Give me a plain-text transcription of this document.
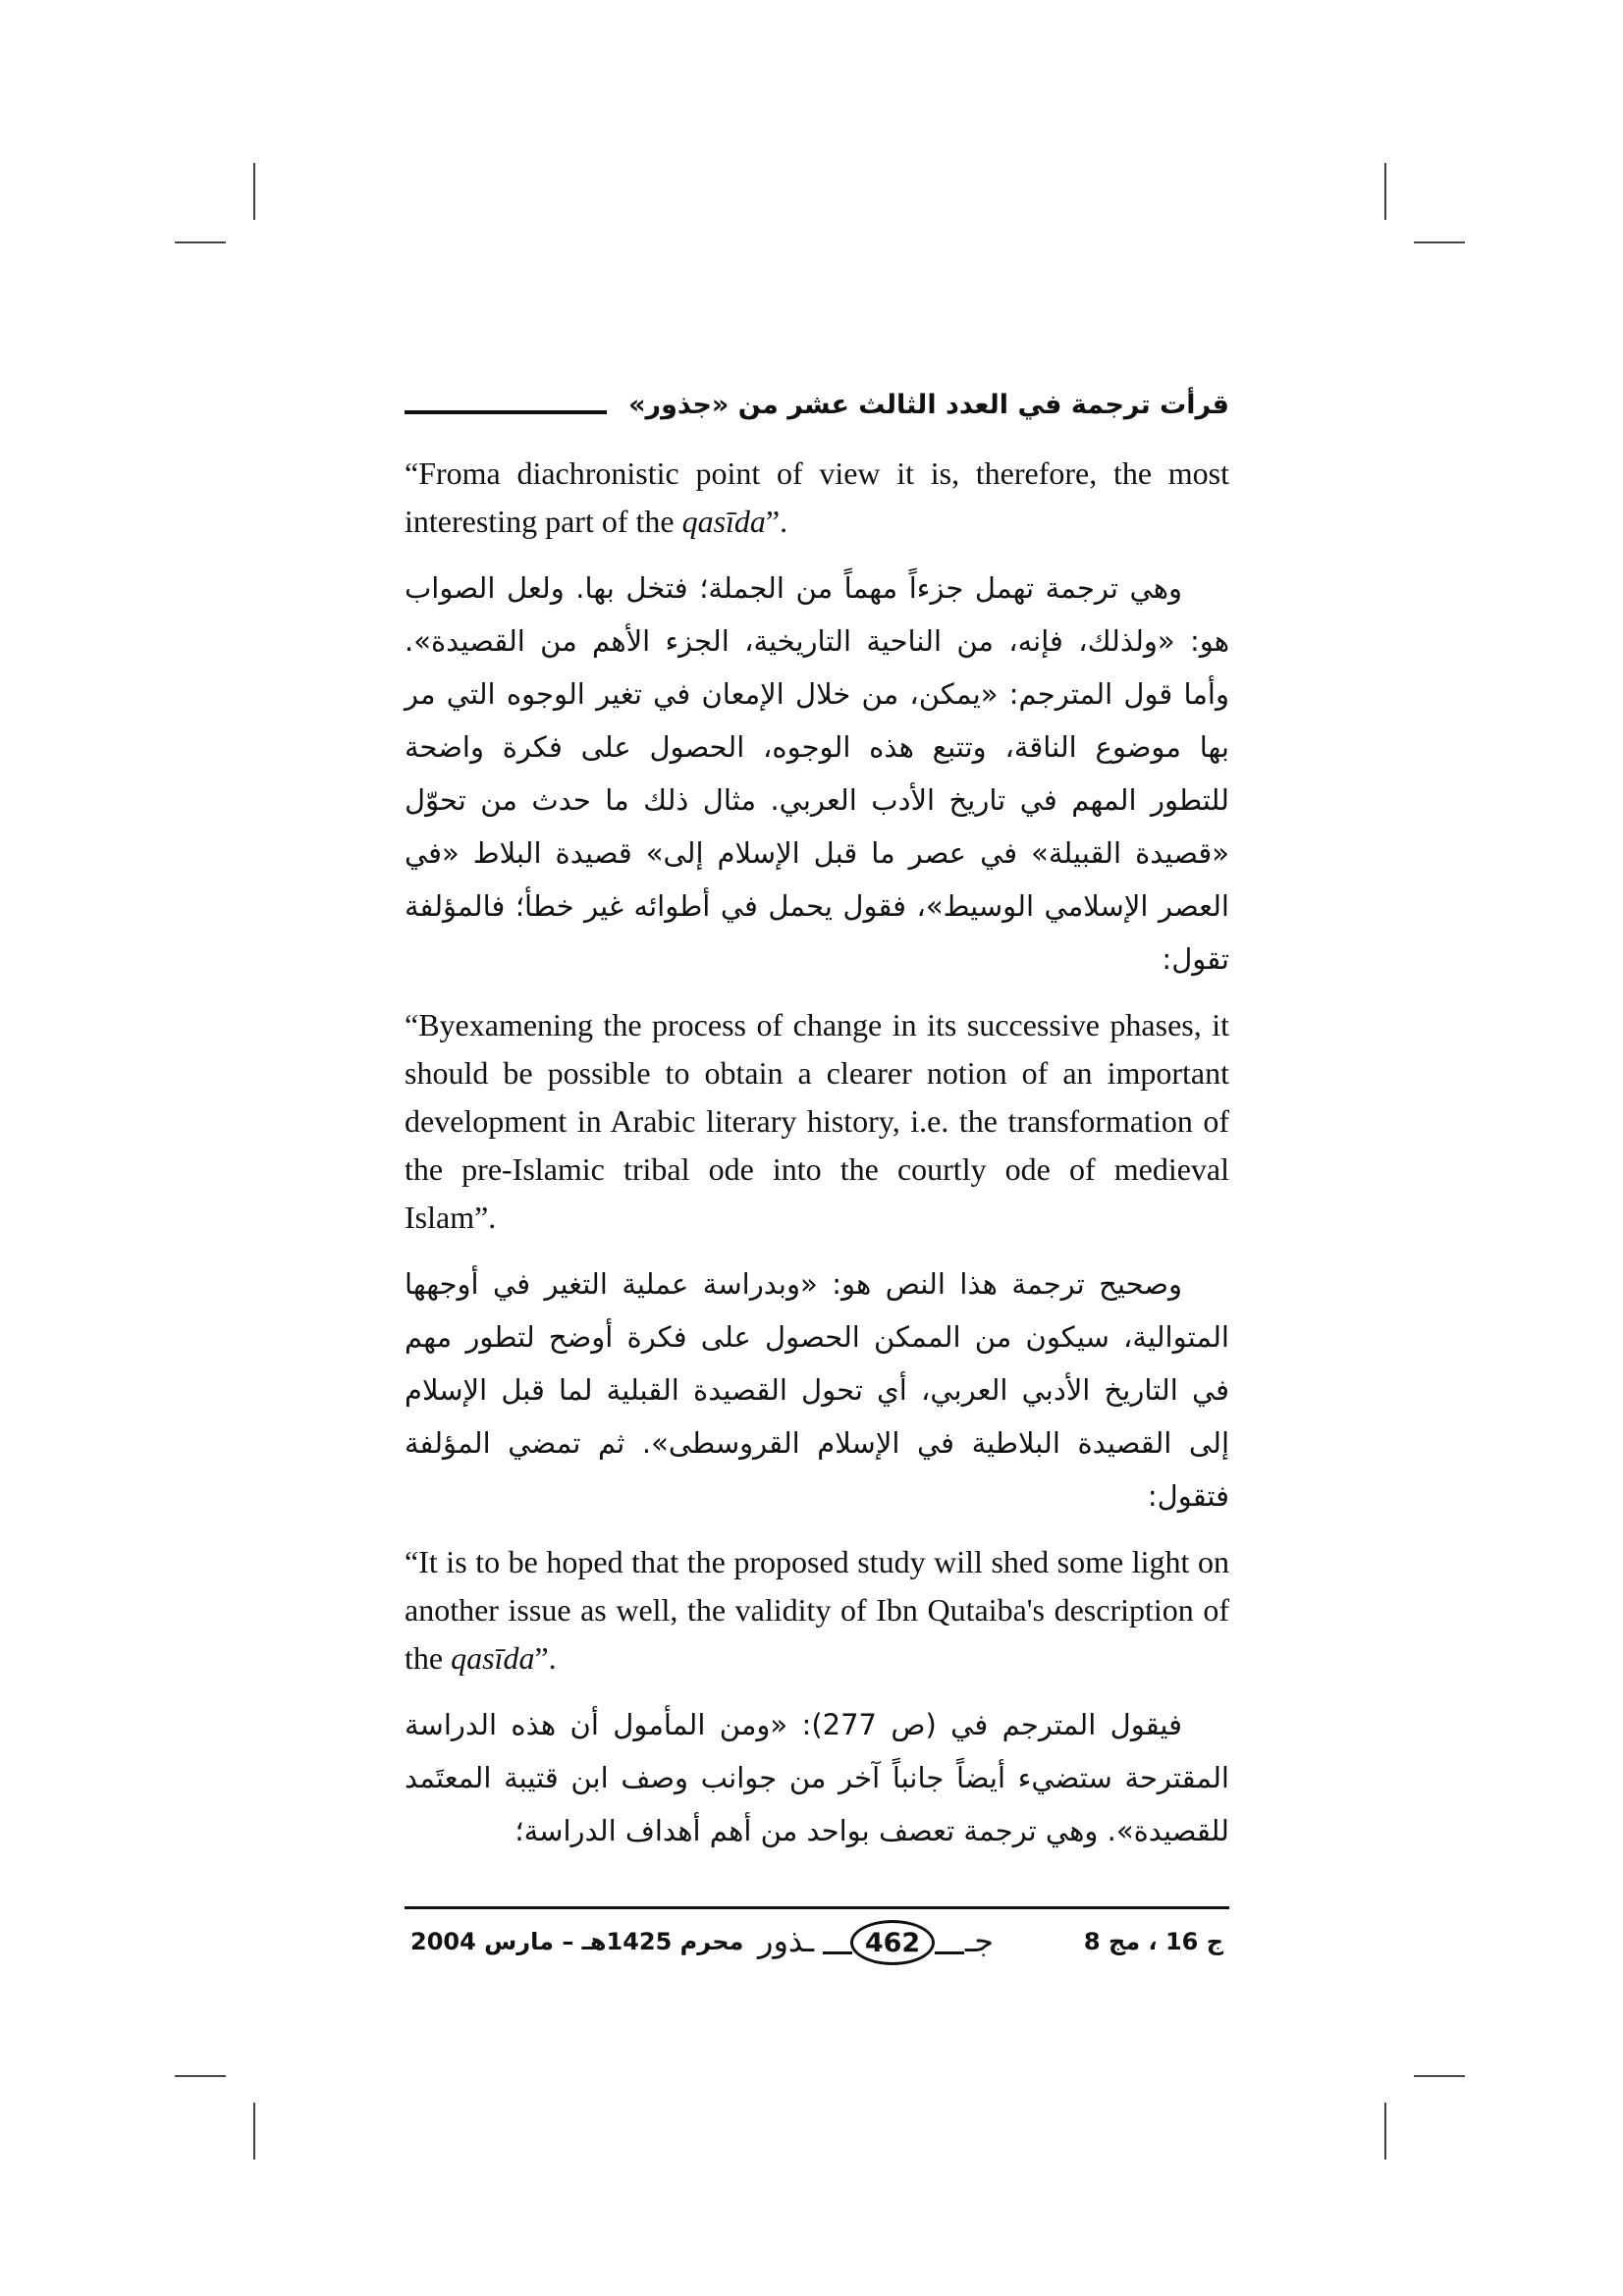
قرأت ترجمة في العدد الثالث عشر من «جذور»

“Froma diachronistic point of view it is, therefore, the most interesting part of the qasīda”.

وهي ترجمة تهمل جزءاً مهماً من الجملة؛ فتخل بها. ولعل الصواب هو: «ولذلك، فإنه، من الناحية التاريخية، الجزء الأهم من القصيدة». وأما قول المترجم: «يمكن، من خلال الإمعان في تغير الوجوه التي مر بها موضوع الناقة، وتتبع هذه الوجوه، الحصول على فكرة واضحة للتطور المهم في تاريخ الأدب العربي. مثال ذلك ما حدث من تحوّل «قصيدة القبيلة» في عصر ما قبل الإسلام إلى» قصيدة البلاط «في العصر الإسلامي الوسيط»، فقول يحمل في أطوائه غير خطأ؛ فالمؤلفة تقول:

“Byexamening the process of change in its successive phases, it should be possible to obtain a clearer notion of an important development in Arabic literary history, i.e. the transformation of the pre-Islamic tribal ode into the courtly ode of medieval Islam”.

وصحيح ترجمة هذا النص هو: «وبدراسة عملية التغير في أوجهها المتوالية، سيكون من الممكن الحصول على فكرة أوضح لتطور مهم في التاريخ الأدبي العربي، أي تحول القصيدة القبلية لما قبل الإسلام إلى القصيدة البلاطية في الإسلام القروسطى». ثم تمضي المؤلفة فتقول:

“It is to be hoped that the proposed study will shed some light on another issue as well, the validity of Ibn Qutaiba's description of the qasīda”.

فيقول المترجم في (ص 277): «ومن المأمول أن هذه الدراسة المقترحة ستضيء أيضاً جانباً آخر من جوانب وصف ابن قتيبة المعتَمد للقصيدة». وهي ترجمة تعصف بواحد من أهم أهداف الدراسة؛

محرم 1425هـ – مارس 2004	جـ
ـذور	462	ج 16 ، مج 8
